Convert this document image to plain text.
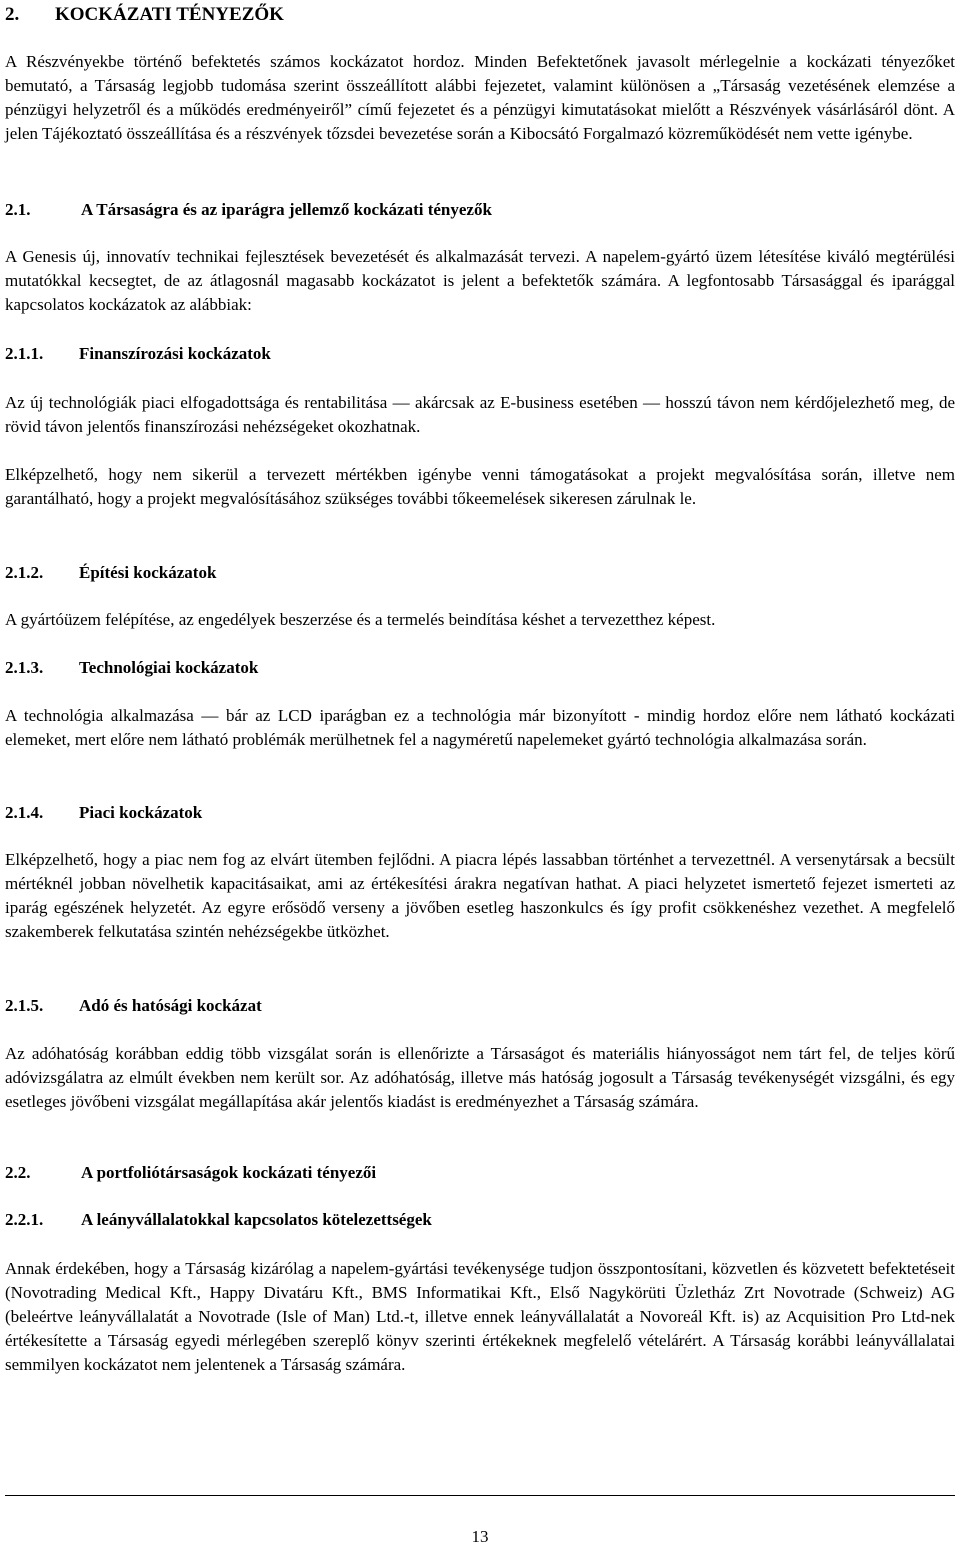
2. KOCKÁZATI TÉNYEZŐK

A Részvényekbe történő befektetés számos kockázatot hordoz. Minden Befektetőnek javasolt mérlegelnie a kockázati tényezőket bemutató, a Társaság legjobb tudomása szerint összeállított alábbi fejezetet, valamint különösen a „Társaság vezetésének elemzése a pénzügyi helyzetről és a működés eredményeiről” című fejezetet és a pénzügyi kimutatásokat mielőtt a Részvények vásárlásáról dönt. A jelen Tájékoztató összeállítása és a részvények tőzsdei bevezetése során a Kibocsátó Forgalmazó közreműködését nem vette igénybe.

2.1.	A Társaságra és az iparágra jellemző kockázati tényezők

A Genesis új, innovatív technikai fejlesztések bevezetését és alkalmazását tervezi. A napelem-gyártó üzem létesítése kiváló megtérülési mutatókkal kecsegtet, de az átlagosnál magasabb kockázatot is jelent a befektetők számára. A legfontosabb Társasággal és iparággal kapcsolatos kockázatok az alábbiak:

2.1.1. Finanszírozási kockázatok

Az új technológiák piaci elfogadottsága és rentabilitása — akárcsak az E-business esetében — hosszú távon nem kérdőjelezhető meg, de rövid távon jelentős finanszírozási nehézségeket okozhatnak.

Elképzelhető, hogy nem sikerül a tervezett mértékben igénybe venni támogatásokat a projekt megvalósítása során, illetve nem garantálható, hogy a projekt megvalósításához szükséges további tőkeemelések sikeresen zárulnak le.

2.1.2. Építési kockázatok

A gyártóüzem felépítése, az engedélyek beszerzése és a termelés beindítása késhet a tervezetthez képest.

2.1.3. Technológiai kockázatok

A technológia alkalmazása — bár az LCD iparágban ez a technológia már bizonyított - mindig hordoz előre nem látható kockázati elemeket, mert előre nem látható problémák merülhetnek fel a nagyméretű napelemeket gyártó technológia alkalmazása során.

2.1.4. Piaci kockázatok

Elképzelhető, hogy a piac nem fog az elvárt ütemben fejlődni. A piacra lépés lassabban történhet a tervezettnél. A versenytársak a becsült mértéknél jobban növelhetik kapacitásaikat, ami az értékesítési árakra negatívan hathat. A piaci helyzetet ismertető fejezet ismerteti az iparág egészének helyzetét. Az egyre erősödő verseny a jövőben esetleg haszonkulcs és így profit csökkenéshez vezethet. A megfelelő szakemberek felkutatása szintén nehézségekbe ütközhet.

2.1.5. Adó és hatósági kockázat

Az adóhatóság korábban eddig több vizsgálat során is ellenőrizte a Társaságot és materiális hiányosságot nem tárt fel, de teljes körű adóvizsgálatra az elmúlt években nem került sor. Az adóhatóság, illetve más hatóság jogosult a Társaság tevékenységét vizsgálni, és egy esetleges jövőbeni vizsgálat megállapítása akár jelentős kiadást is eredményezhet a Társaság számára.

2.2.	A portfoliótársaságok kockázati tényezői
2.2.1. A leányvállalatokkal kapcsolatos kötelezettségek

Annak érdekében, hogy a Társaság kizárólag a napelem-gyártási tevékenysége tudjon összpontosítani, közvetlen és közvetett befektetéseit (Novotrading Medical Kft., Happy Divatáru Kft., BMS Informatikai Kft., Első Nagykörüti Üzletház Zrt Novotrade (Schweiz) AG (beleértve leányvállalatát a Novotrade (Isle of Man) Ltd.-t, illetve ennek leányvállalatát a Novoreál Kft. is) az Acquisition Pro Ltd-nek értékesítette a Társaság egyedi mérlegében szereplő könyv szerinti értékeknek megfelelő vételárért. A Társaság korábbi leányvállalatai semmilyen kockázatot nem jelentenek a Társaság számára.

13
